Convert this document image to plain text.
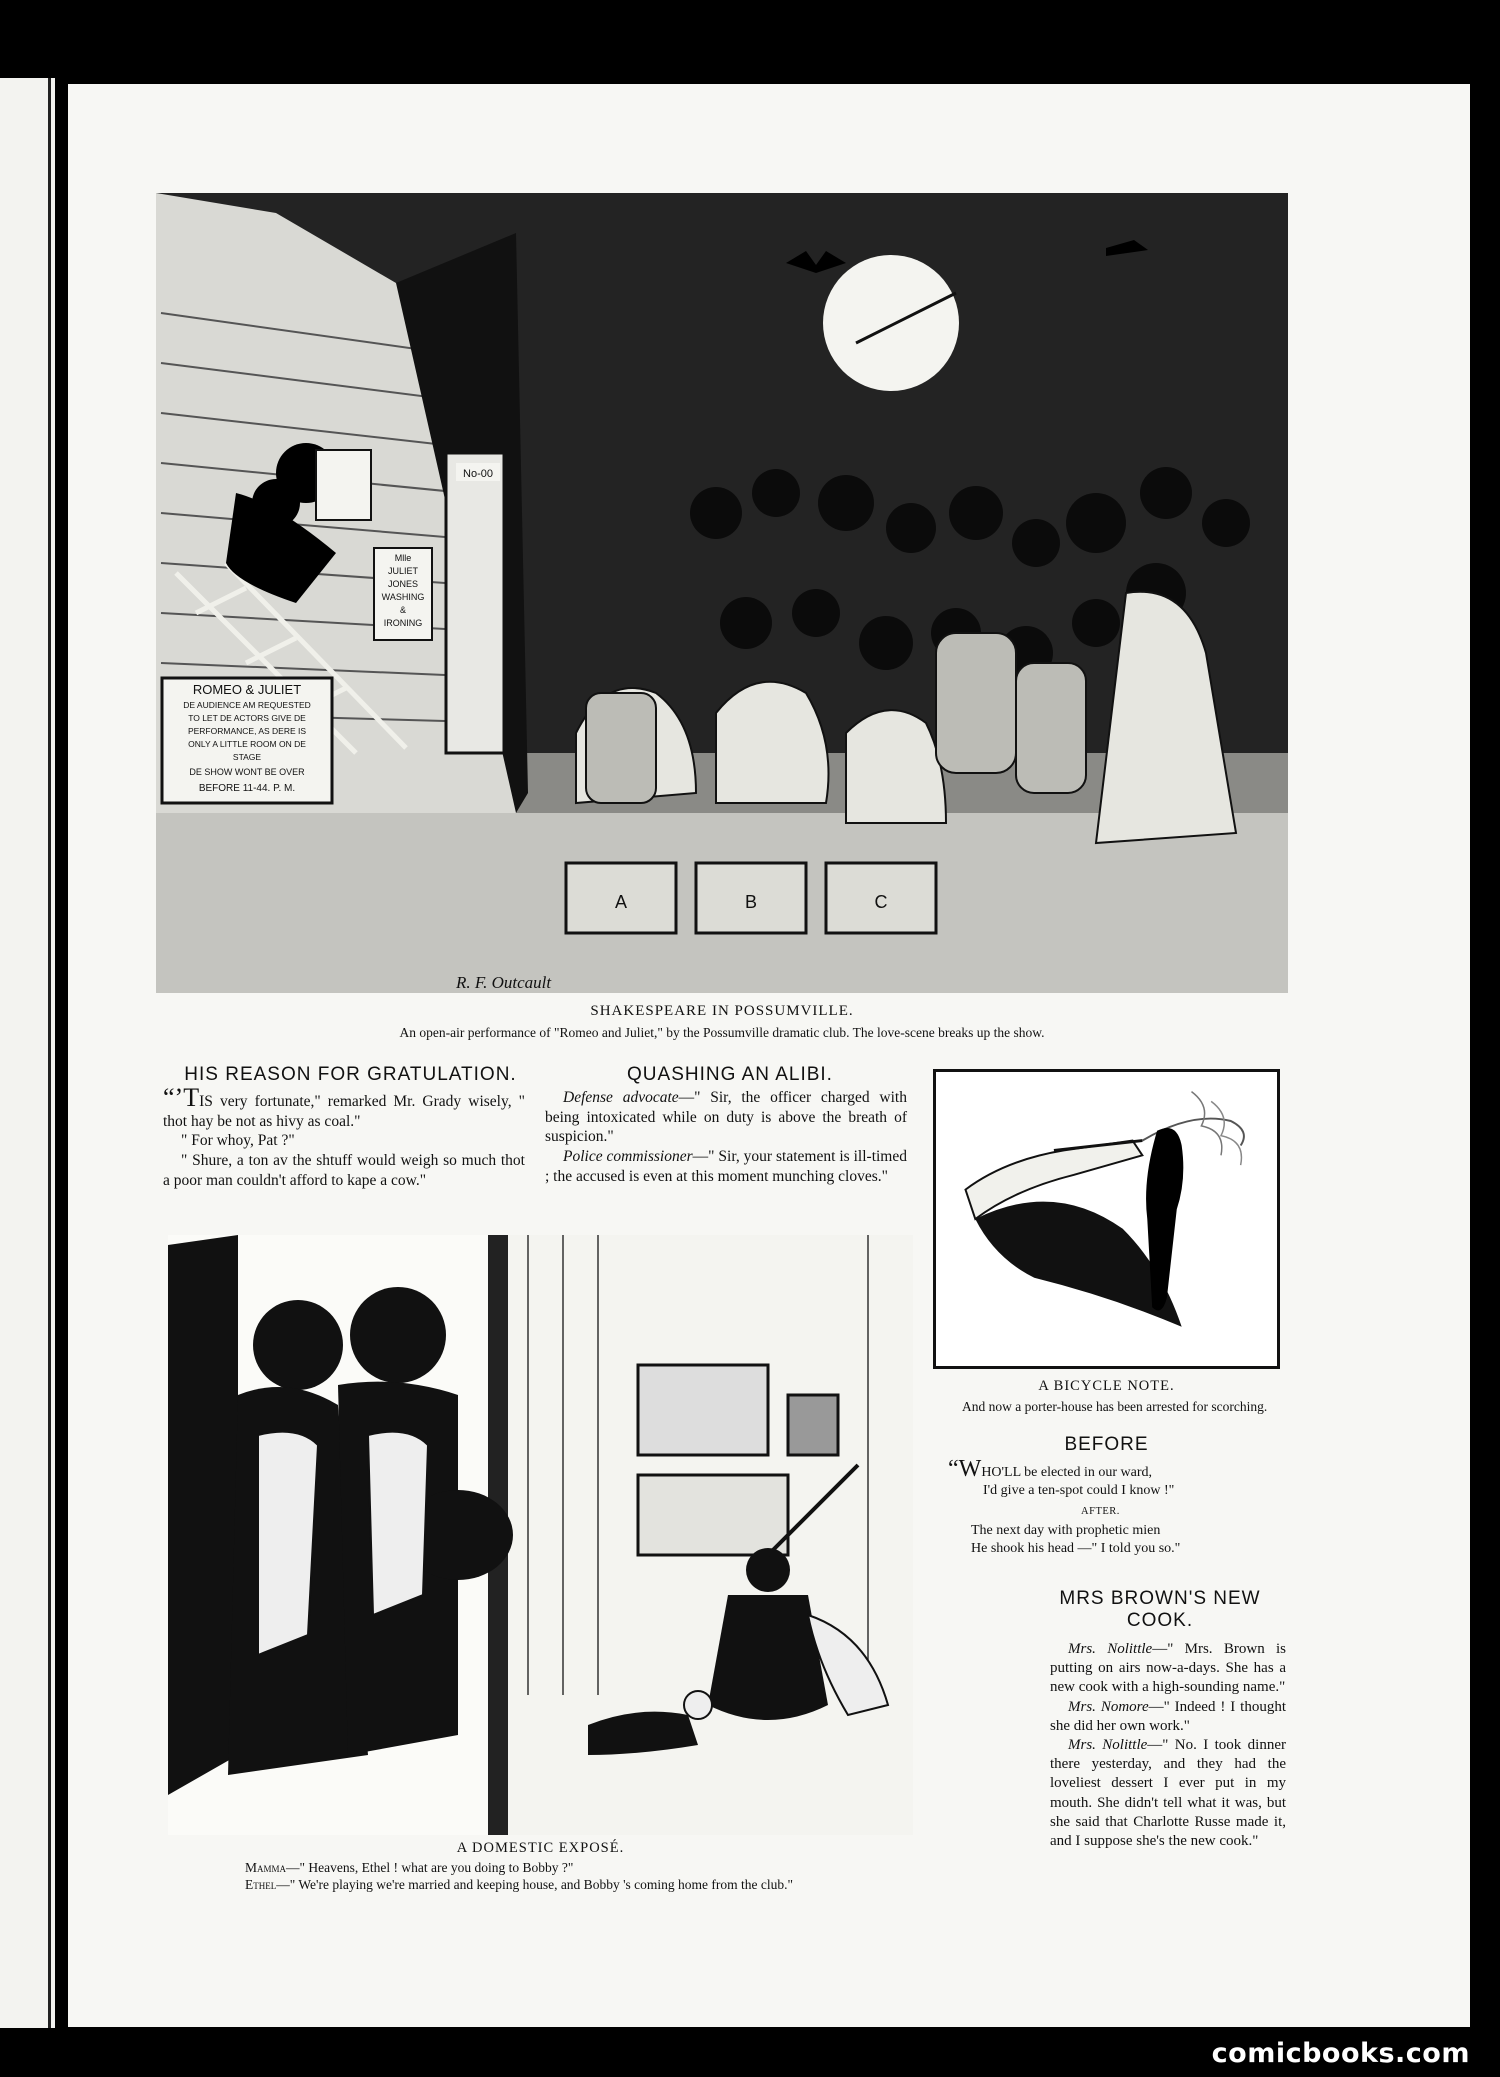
A	B	C
No-00
ROMEO & JULIET
DE AUDIENCE AM REQUESTED
TO LET DE ACTORS GIVE DE
PERFORMANCE, AS DERE IS
ONLY A LITTLE ROOM ON DE
STAGE
DE SHOW WONT BE OVER
BEFORE 11-44. P. M.
Mlle
JULIET
JONES
WASHING
&
IRONING
R. F. Outcault
SHAKESPEARE IN POSSUMVILLE.
An open-air performance of "Romeo and Juliet," by the Possumville dramatic club. The love-scene breaks up the show.
HIS REASON FOR GRATULATION.

“’TIS very fortunate," remarked Mr. Grady wisely, " thot hay be not as hivy as coal."

" For whoy, Pat ?"

" Shure, a ton av the shtuff would weigh so much thot a poor man couldn't afford to kape a cow."

QUASHING AN ALIBI.

Defense advocate—" Sir, the officer charged with being intoxicated while on duty is above the breath of suspicion."

Police commissioner—" Sir, your statement is ill-timed ; the accused is even at this moment munching cloves."

A BICYCLE NOTE.
And now a porter-house has been arrested for scorching.
BEFORE
“WHO'LL be elected in our ward,
I'd give a ten-spot could I know !"
AFTER.
The next day with prophetic mien
He shook his head —" I told you so."
MRS BROWN'S NEW
COOK.

Mrs. Nolittle—" Mrs. Brown is putting on airs now-a-days. She has a new cook with a high-sounding name."

Mrs. Nomore—" Indeed ! I thought she did her own work."

Mrs. Nolittle—" No. I took dinner there yesterday, and they had the loveliest dessert I ever put in my mouth. She didn't tell what it was, but she said that Charlotte Russe made it, and I suppose she's the new cook."

A DOMESTIC EXPOSÉ.
Mamma—" Heavens, Ethel ! what are you doing to Bobby ?"
Ethel—" We're playing we're married and keeping house, and Bobby 's coming home from the club."
comicbooks.com
